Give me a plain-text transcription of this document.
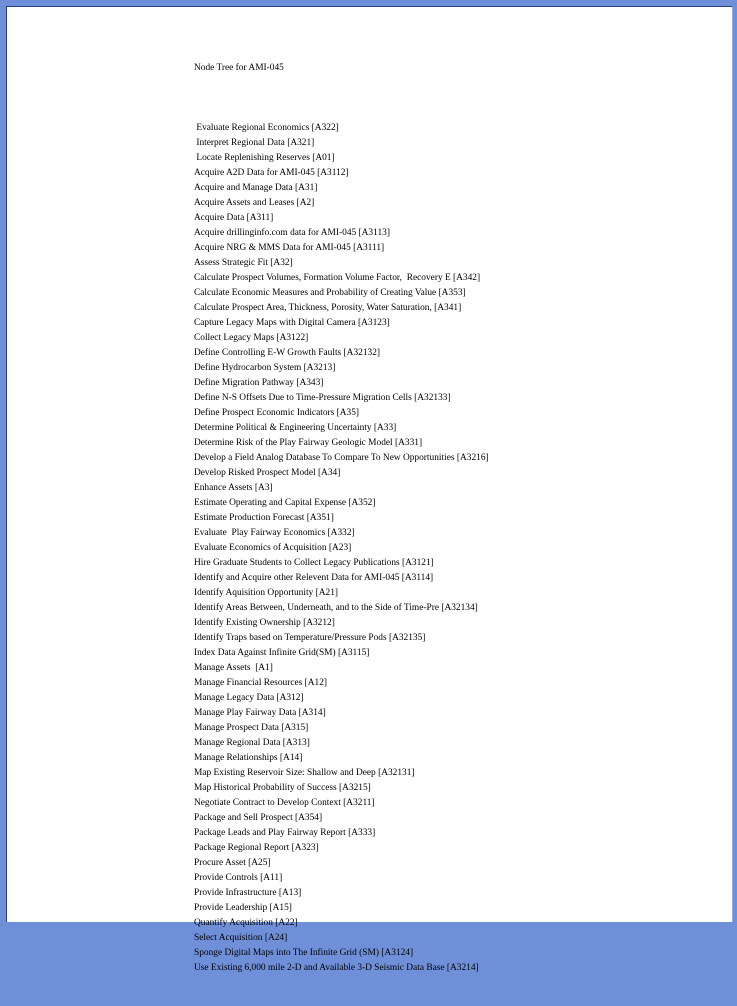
Node Tree for AMI-045

Evaluate Regional Economics [A322]
Interpret Regional Data [A321]
Locate Replenishing Reserves [A01]
Acquire A2D Data for AMI-045 [A3112]
Acquire and Manage Data [A31]
Acquire Assets and Leases [A2]
Acquire Data [A311]
Acquire drillinginfo.com data for AMI-045 [A3113]
Acquire NRG & MMS Data for AMI-045 [A3111]
Assess Strategic Fit [A32]
Calculate Prospect Volumes, Formation Volume Factor,  Recovery E [A342]
Calculate Economic Measures and Probability of Creating Value [A353]
Calculate Prospect Area, Thickness, Porosity, Water Saturation, [A341]
Capture Legacy Maps with Digital Camera [A3123]
Collect Legacy Maps [A3122]
Define Controlling E-W Growth Faults [A32132]
Define Hydrocarbon System [A3213]
Define Migration Pathway [A343]
Define N-S Offsets Due to Time-Pressure Migration Cells [A32133]
Define Prospect Economic Indicators [A35]
Determine Political & Engineering Uncertainty [A33]
Determine Risk of the Play Fairway Geologic Model [A331]
Develop a Field Analog Database To Compare To New Opportunities [A3216]
Develop Risked Prospect Model [A34]
Enhance Assets [A3]
Estimate Operating and Capital Expense [A352]
Estimate Production Forecast [A351]
Evaluate  Play Fairway Economics [A332]
Evaluate Economics of Acquisition [A23]
Hire Graduate Students to Collect Legacy Publications [A3121]
Identify and Acquire other Relevent Data for AMI-045 [A3114]
Identify Aquisition Opportunity [A21]
Identify Areas Between, Underneath, and to the Side of Time-Pre [A32134]
Identify Existing Ownership [A3212]
Identify Traps based on Temperature/Pressure Pods [A32135]
Index Data Against Infinite Grid(SM) [A3115]
Manage Assets  [A1]
Manage Financial Resources [A12]
Manage Legacy Data [A312]
Manage Play Fairway Data [A314]
Manage Prospect Data [A315]
Manage Regional Data [A313]
Manage Relationships [A14]
Map Existing Reservoir Size: Shallow and Deep [A32131]
Map Historical Probability of Success [A3215]
Negotiate Contract to Develop Context [A3211]
Package and Sell Prospect [A354]
Package Leads and Play Fairway Report [A333]
Package Regional Report [A323]
Procure Asset [A25]
Provide Controls [A11]
Provide Infrastructure [A13]
Provide Leadership [A15]
Quantify Acquisition [A22]
Select Acquisition [A24]
Sponge Digital Maps into The Infinite Grid (SM) [A3124]
Use Existing 6,000 mile 2-D and Available 3-D Seismic Data Base [A3214]
